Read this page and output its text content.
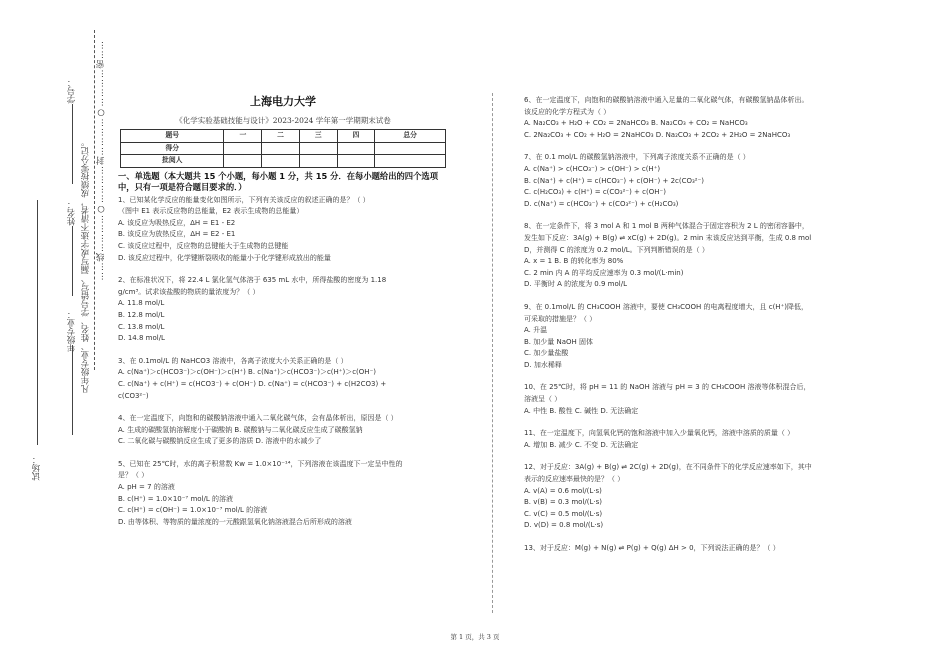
……线…………○…………封…………○…………密……
凡年级专业、姓名、学号错写、漏写或字迹不清者，成绩按零分记。
学号：
姓名：
年级专业：
试场：
上海电力大学
《化学实验基础技能与设计》2023-2024 学年第一学期期末试卷
题号	一	二	三	四	总分
得分					
批阅人					
一、单选题（本大题共 15 个小题，每小题 1 分，共 15 分．在每小题给出的四个选项中，只有一项是符合题目要求的．）

1、已知某化学反应的能量变化如图所示，下列有关该反应的叙述正确的是？（ ）

（图中 E1 表示反应物的总能量，E2 表示生成物的总能量）

A. 该反应为吸热反应，ΔH = E1 - E2

B. 该反应为放热反应，ΔH = E2 - E1

C. 该反应过程中，反应物的总键能大于生成物的总键能

D. 该反应过程中，化学键断裂吸收的能量小于化学键形成放出的能量

2、在标准状况下，将 22.4 L 氯化氢气体溶于 635 mL 水中，所得盐酸的密度为 1.18

g/cm³。试求该盐酸的物质的量浓度为？（ ）

A. 11.8 mol/L

B. 12.8 mol/L

C. 13.8 mol/L

D. 14.8 mol/L

3、在 0.1mol/L 的 NaHCO3 溶液中，各离子浓度大小关系正确的是（ ）

A. c(Na⁺)＞c(HCO3⁻)＞c(OH⁻)＞c(H⁺) B. c(Na⁺)＞c(HCO3⁻)＞c(H⁺)＞c(OH⁻)

C. c(Na⁺) + c(H⁺) = c(HCO3⁻) + c(OH⁻) D. c(Na⁺) = c(HCO3⁻) + c(H2CO3) +

c(CO3²⁻)

4、在一定温度下，向饱和的碳酸钠溶液中通入二氧化碳气体，会有晶体析出，原因是（ ）

A. 生成的碳酸氢钠溶解度小于碳酸钠 B. 碳酸钠与二氧化碳反应生成了碳酸氢钠

C. 二氧化碳与碳酸钠反应生成了更多的溶质 D. 溶液中的水减少了

5、已知在 25℃时，水的离子积常数 Kw = 1.0×10⁻¹⁴，下列溶液在该温度下一定呈中性的

是？（ ）

A. pH = 7 的溶液

B. c(H⁺) = 1.0×10⁻⁷ mol/L 的溶液

C. c(H⁺) = c(OH⁻) = 1.0×10⁻⁷ mol/L 的溶液

D. 由等体积、等物质的量浓度的一元酸跟氢氧化钠溶液混合后所形成的溶液

6、在一定温度下，向饱和的碳酸钠溶液中通入足量的二氧化碳气体，有碳酸氢钠晶体析出。

该反应的化学方程式为（ ）

A. Na₂CO₃ + H₂O + CO₂ = 2NaHCO₃ B. Na₂CO₃ + CO₂ = NaHCO₃

C. 2Na₂CO₃ + CO₂ + H₂O = 2NaHCO₃ D. Na₂CO₃ + 2CO₂ + 2H₂O = 2NaHCO₃

7、在 0.1 mol/L 的碳酸氢钠溶液中，下列离子浓度关系不正确的是（ ）

A. c(Na⁺) > c(HCO₃⁻) > c(OH⁻) > c(H⁺)

B. c(Na⁺) + c(H⁺) = c(HCO₃⁻) + c(OH⁻) + 2c(CO₃²⁻)

C. c(H₂CO₃) + c(H⁺) = c(CO₃²⁻) + c(OH⁻)

D. c(Na⁺) = c(HCO₃⁻) + c(CO₃²⁻) + c(H₂CO₃)

8、在一定条件下，将 3 mol A 和 1 mol B 两种气体混合于固定容积为 2 L 的密闭容器中，

发生如下反应：3A(g) + B(g) ⇌ xC(g) + 2D(g)。2 min 末该反应达到平衡，生成 0.8 mol

D，并测得 C 的浓度为 0.2 mol/L。下列判断错误的是（ ）

A. x = 1 B. B 的转化率为 80%

C. 2 min 内 A 的平均反应速率为 0.3 mol/(L·min)

D. 平衡时 A 的浓度为 0.9 mol/L

9、在 0.1mol/L 的 CH₃COOH 溶液中，要使 CH₃COOH 的电离程度增大，且 c(H⁺)降低，

可采取的措施是？（ ）

A. 升温

B. 加少量 NaOH 固体

C. 加少量盐酸

D. 加水稀释

10、在 25℃时，将 pH = 11 的 NaOH 溶液与 pH = 3 的 CH₃COOH 溶液等体积混合后，

溶液呈（ ）

A. 中性 B. 酸性 C. 碱性 D. 无法确定

11、在一定温度下，向氢氧化钙的饱和溶液中加入少量氧化钙，溶液中溶质的质量（ ）

A. 增加 B. 减少 C. 不变 D. 无法确定

12、对于反应：3A(g) + B(g) ⇌ 2C(g) + 2D(g)，在不同条件下的化学反应速率如下，其中

表示的反应速率最快的是？（ ）

A. v(A) = 0.6 mol/(L·s)

B. v(B) = 0.3 mol/(L·s)

C. v(C) = 0.5 mol/(L·s)

D. v(D) = 0.8 mol/(L·s)

13、对于反应：M(g) + N(g) ⇌ P(g) + Q(g) ΔH > 0，下列说法正确的是？（ ）

第 1 页，共 3 页
